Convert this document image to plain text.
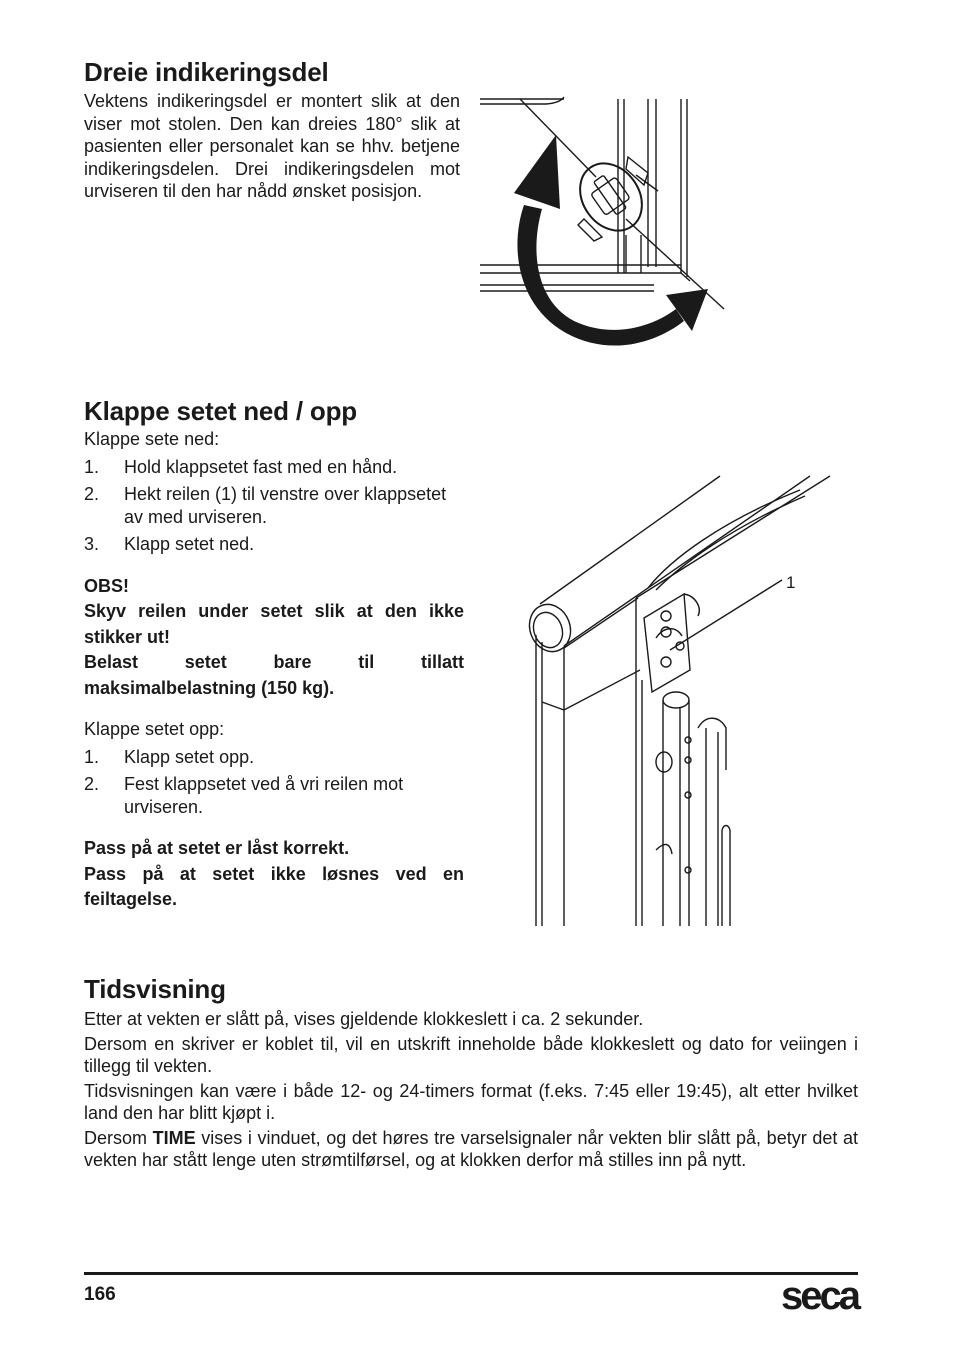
Dreie indikeringsdel

Vektens indikeringsdel er montert slik at den viser mot stolen. Den kan dreies 180° slik at pasienten eller personalet kan se hhv. betjene indikeringsdelen. Drei indikeringsdelen mot urviseren til den har nådd ønsket posisjon.

Klappe setet ned / opp

Klappe sete ned:

1. Hold klappsetet fast med en hånd.
2. Hekt reilen (1) til venstre over klappsetet av med urviseren.
3. Klapp setet ned.

OBS!

Skyv reilen under setet slik at den ikke stikker ut!

Belast setet bare til tillatt maksimalbelastning (150 kg).

Klappe setet opp:

1. Klapp setet opp.
2. Fest klappsetet ved å vri reilen mot urviseren.

Pass på at setet er låst korrekt.

Pass på at setet ikke løsnes ved en feiltagelse.

1
Tidsvisning

Etter at vekten er slått på, vises gjeldende klokkeslett i ca. 2 sekunder.

Dersom en skriver er koblet til, vil en utskrift inneholde både klokkeslett og dato for veiingen i tillegg til vekten.

Tidsvisningen kan være i både 12- og 24-timers format (f.eks. 7:45 eller 19:45), alt etter hvilket land den har blitt kjøpt i.

Dersom TIME vises i vinduet, og det høres tre varselsignaler når vekten blir slått på, betyr det at vekten har stått lenge uten strømtilførsel, og at klokken derfor må stilles inn på nytt.

166	seca
